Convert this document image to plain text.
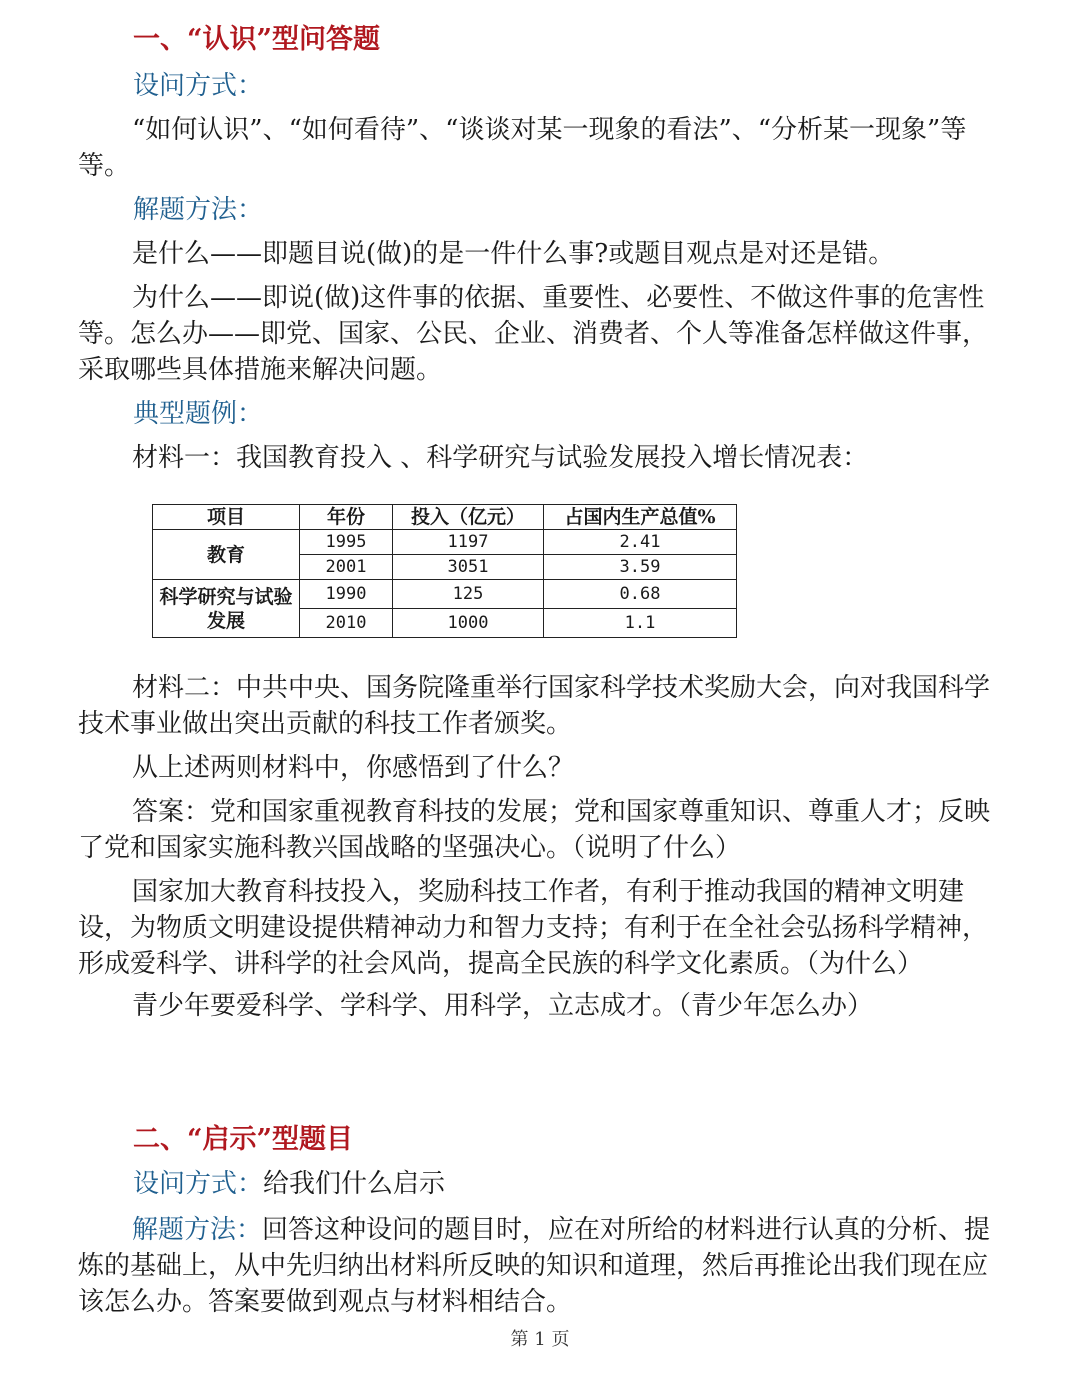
一、“认识”型问答题
设问方式：

“如何认识”、“如何看待”、“谈谈对某一现象的看法”、“分析某一现象”等等。

解题方法：

是什么——即题目说(做)的是一件什么事?或题目观点是对还是错。

为什么——即说(做)这件事的依据、重要性、必要性、不做这件事的危害性等。怎么办——即党、国家、公民、企业、消费者、个人等准备怎样做这件事，采取哪些具体措施来解决问题。

典型题例：

材料一：我国教育投入 、科学研究与试验发展投入增长情况表：

项目	年份	投入（亿元）	占国内生产总值%
教育	1995	1197	2.41
	2001	3051	3.59
科学研究与试验发展	1990	125	0.68
	2010	1000	1.1

材料二：中共中央、国务院隆重举行国家科学技术奖励大会，向对我国科学技术事业做出突出贡献的科技工作者颁奖。

从上述两则材料中，你感悟到了什么？

答案：党和国家重视教育科技的发展；党和国家尊重知识、尊重人才；反映了党和国家实施科教兴国战略的坚强决心。（说明了什么）

国家加大教育科技投入，奖励科技工作者，有利于推动我国的精神文明建设，为物质文明建设提供精神动力和智力支持；有利于在全社会弘扬科学精神，形成爱科学、讲科学的社会风尚，提高全民族的科学文化素质。（为什么）

青少年要爱科学、学科学、用科学，立志成才。（青少年怎么办）

二、“启示”型题目

设问方式：给我们什么启示

解题方法：回答这种设问的题目时，应在对所给的材料进行认真的分析、提炼的基础上，从中先归纳出材料所反映的知识和道理，然后再推论出我们现在应该怎么办。答案要做到观点与材料相结合。

第 1 页
